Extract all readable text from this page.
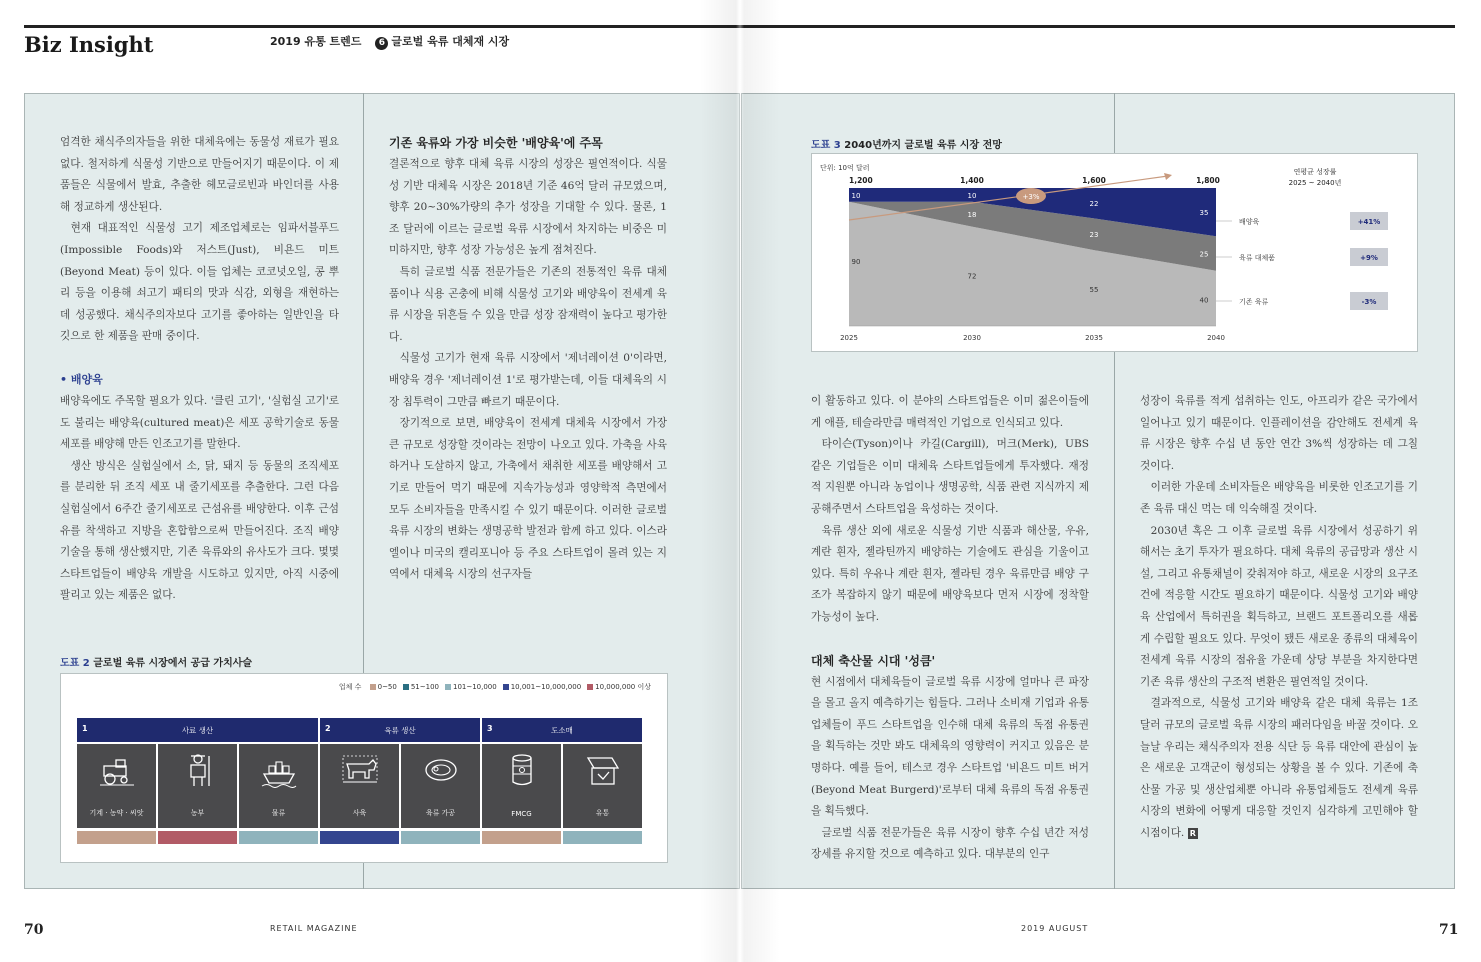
Biz Insight	2019 유통 트렌드 6 글로벌 육류 대체재 시장

엄격한 채식주의자들을 위한 대체육에는 동물성 재료가 필요 없다. 철저하게 식물성 기반으로 만들어지기 때문이다. 이 제품들은 식물에서 발효, 추출한 헤모글로빈과 바인더를 사용해 정교하게 생산된다.

현재 대표적인 식물성 고기 제조업체로는 임파서블푸드(Impossible Foods)와 저스트(Just), 비욘드 미트(Beyond Meat) 등이 있다. 이들 업체는 코코넛오일, 콩 뿌리 등을 이용해 쇠고기 패티의 맛과 식감, 외형을 재현하는 데 성공했다. 채식주의자보다 고기를 좋아하는 일반인을 타깃으로 한 제품을 판매 중이다.

• 배양육

배양육에도 주목할 필요가 있다. '클린 고기', '실험실 고기'로도 불리는 배양육(cultured meat)은 세포 공학기술로 동물 세포를 배양해 만든 인조고기를 말한다.

생산 방식은 실험실에서 소, 닭, 돼지 등 동물의 조직세포를 분리한 뒤 조직 세포 내 줄기세포를 추출한다. 그런 다음 실험실에서 6주간 줄기세포로 근섬유를 배양한다. 이후 근섬유를 착색하고 지방을 혼합함으로써 만들어진다. 조직 배양 기술을 통해 생산했지만, 기존 육류와의 유사도가 크다. 몇몇 스타트업들이 배양육 개발을 시도하고 있지만, 아직 시중에 팔리고 있는 제품은 없다.

기존 육류와 가장 비슷한 '배양육'에 주목

결론적으로 향후 대체 육류 시장의 성장은 필연적이다. 식물성 기반 대체육 시장은 2018년 기준 46억 달러 규모였으며, 향후 20~30%가량의 추가 성장을 기대할 수 있다. 물론, 1조 달러에 이르는 글로벌 육류 시장에서 차지하는 비중은 미미하지만, 향후 성장 가능성은 높게 점쳐진다.

특히 글로벌 식품 전문가들은 기존의 전통적인 육류 대체품이나 식용 곤충에 비해 식물성 고기와 배양육이 전세계 육류 시장을 뒤흔들 수 있을 만큼 성장 잠재력이 높다고 평가한다.

식물성 고기가 현재 육류 시장에서 '제너레이션 0'이라면, 배양육 경우 '제너레이션 1'로 평가받는데, 이들 대체육의 시장 침투력이 그만큼 빠르기 때문이다.

장기적으로 보면, 배양육이 전세계 대체육 시장에서 가장 큰 규모로 성장할 것이라는 전망이 나오고 있다. 가축을 사육하거나 도살하지 않고, 가축에서 채취한 세포를 배양해서 고기로 만들어 먹기 때문에 지속가능성과 영양학적 측면에서 모두 소비자들을 만족시킬 수 있기 때문이다. 이러한 글로벌 육류 시장의 변화는 생명공학 발전과 함께 하고 있다. 이스라엘이나 미국의 캘리포니아 등 주요 스타트업이 몰려 있는 지역에서 대체육 시장의 선구자들

도표 2 글로벌 육류 시장에서 공급 가치사슬
업체 수 0~50 51~100 101~10,000 10,001~10,000,000 10,000,000 이상
1	사료 생산	2	육류 생산	3	도소매
기계 · 농약 · 씨앗	농부	물류	사육	육류 가공	FMCG	유통
도표 3 2040년까지 글로벌 육류 시장 전망
단위: 10억 달러
+3%
1,200	1,400	1,600	1,800
90
72
55
40
18
23
25
10	10
22
35
2025	2030	2035	2040
연평균 성장률
2025 ~ 2040년
배양육	+41%
육류 대체품	+9%
기존 육류	-3%

이 활동하고 있다. 이 분야의 스타트업들은 이미 젊은이들에게 애플, 테슬라만큼 매력적인 기업으로 인식되고 있다.

타이슨(Tyson)이나 카길(Cargill), 머크(Merk), UBS 같은 기업들은 이미 대체육 스타트업들에게 투자했다. 재정적 지원뿐 아니라 농업이나 생명공학, 식품 관련 지식까지 제공해주면서 스타트업을 육성하는 것이다.

육류 생산 외에 새로운 식물성 기반 식품과 해산물, 우유, 계란 흰자, 젤라틴까지 배양하는 기술에도 관심을 기울이고 있다. 특히 우유나 계란 흰자, 젤라틴 경우 육류만큼 배양 구조가 복잡하지 않기 때문에 배양육보다 먼저 시장에 정착할 가능성이 높다.

대체 축산물 시대 '성큼'

현 시점에서 대체육들이 글로벌 육류 시장에 얼마나 큰 파장을 몰고 올지 예측하기는 힘들다. 그러나 소비재 기업과 유통업체들이 푸드 스타트업을 인수해 대체 육류의 독점 유통권을 획득하는 것만 봐도 대체육의 영향력이 커지고 있음은 분명하다. 예를 들어, 테스코 경우 스타트업 '비욘드 미트 버거(Beyond Meat Burgerd)'로부터 대체 육류의 독점 유통권을 획득했다.

글로벌 식품 전문가들은 육류 시장이 향후 수십 년간 저성장세를 유지할 것으로 예측하고 있다. 대부분의 인구

성장이 육류를 적게 섭취하는 인도, 아프리카 같은 국가에서 일어나고 있기 때문이다. 인플레이션을 감안해도 전세계 육류 시장은 향후 수십 년 동안 연간 3%씩 성장하는 데 그칠 것이다.

이러한 가운데 소비자들은 배양육을 비롯한 인조고기를 기존 육류 대신 먹는 데 익숙해질 것이다.

2030년 혹은 그 이후 글로벌 육류 시장에서 성공하기 위해서는 초기 투자가 필요하다. 대체 육류의 공급망과 생산 시설, 그리고 유통채널이 갖춰져야 하고, 새로운 시장의 요구조건에 적응할 시간도 필요하기 때문이다. 식물성 고기와 배양육 산업에서 특허권을 획득하고, 브랜드 포트폴리오를 새롭게 수립할 필요도 있다. 무엇이 됐든 새로운 종류의 대체육이 전세계 육류 시장의 점유율 가운데 상당 부분을 차지한다면 기존 육류 생산의 구조적 변환은 필연적일 것이다.

결과적으로, 식물성 고기와 배양육 같은 대체 육류는 1조 달러 규모의 글로벌 육류 시장의 패러다임을 바꿀 것이다. 오늘날 우리는 채식주의자 전용 식단 등 육류 대안에 관심이 높은 새로운 고객군이 형성되는 상황을 볼 수 있다. 기존에 축산물 가공 및 생산업체뿐 아니라 유통업체들도 전세계 육류 시장의 변화에 어떻게 대응할 것인지 심각하게 고민해야 할 시점이다. R

70	RETAIL MAGAZINE	2019 AUGUST	71
